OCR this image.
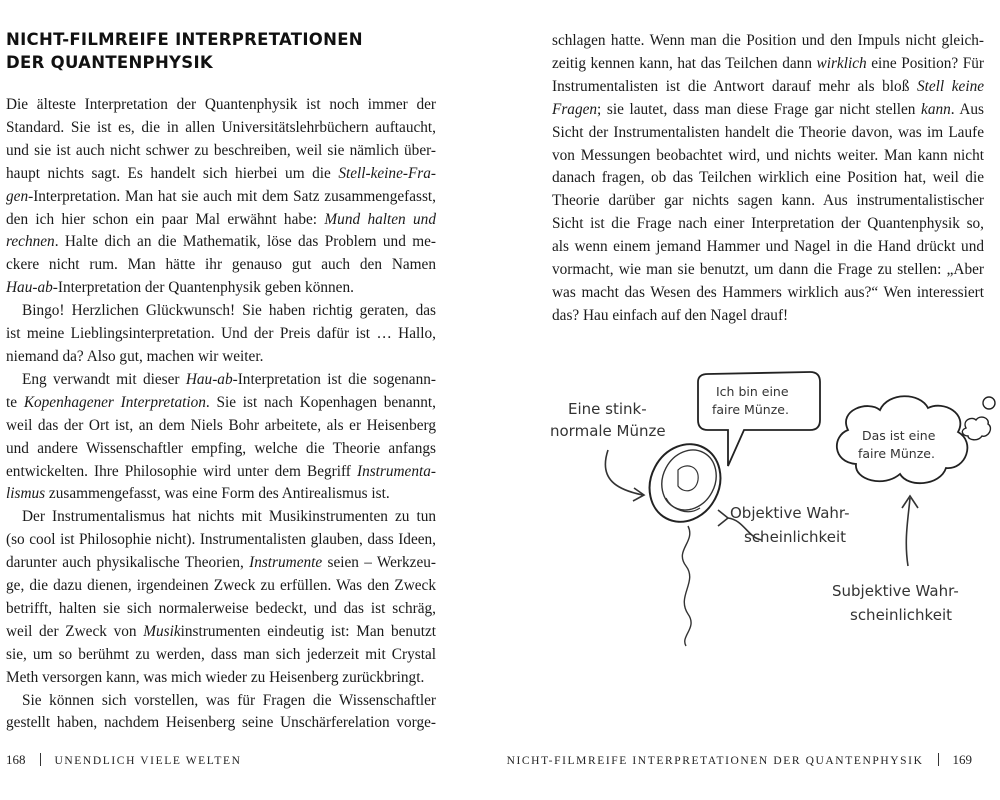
NICHT-FILMREIFE INTERPRETATIONEN
DER QUANTENPHYSIK
Die älteste Interpretation der Quantenphysik ist noch immer der
Standard. Sie ist es, die in allen Universitätslehrbüchern auftaucht,
und sie ist auch nicht schwer zu beschreiben, weil sie nämlich über-
haupt nichts sagt. Es handelt sich hierbei um die Stell-keine-Fra-
gen-Interpretation. Man hat sie auch mit dem Satz zusammengefasst,
den ich hier schon ein paar Mal erwähnt habe: Mund halten und
rechnen. Halte dich an die Mathematik, löse das Problem und me-
ckere nicht rum. Man hätte ihr genauso gut auch den Namen
Hau-ab-Interpretation der Quantenphysik geben können.
Bingo! Herzlichen Glückwunsch! Sie haben richtig geraten, das
ist meine Lieblingsinterpretation. Und der Preis dafür ist … Hallo,
niemand da? Also gut, machen wir weiter.
Eng verwandt mit dieser Hau-ab-Interpretation ist die sogenann-
te Kopenhagener Interpretation. Sie ist nach Kopenhagen benannt,
weil das der Ort ist, an dem Niels Bohr arbeitete, als er Heisenberg
und andere Wissenschaftler empfing, welche die Theorie anfangs
entwickelten. Ihre Philosophie wird unter dem Begriff Instrumenta-
lismus zusammengefasst, was eine Form des Antirealismus ist.
Der Instrumentalismus hat nichts mit Musikinstrumenten zu tun
(so cool ist Philosophie nicht). Instrumentalisten glauben, dass Ideen,
darunter auch physikalische Theorien, Instrumente seien – Werkzeu-
ge, die dazu dienen, irgendeinen Zweck zu erfüllen. Was den Zweck
betrifft, halten sie sich normalerweise bedeckt, und das ist schräg,
weil der Zweck von Musikinstrumenten eindeutig ist: Man benutzt
sie, um so berühmt zu werden, dass man sich jederzeit mit Crystal
Meth versorgen kann, was mich wieder zu Heisenberg zurückbringt.
Sie können sich vorstellen, was für Fragen die Wissenschaftler
gestellt haben, nachdem Heisenberg seine Unschärferelation vorge-
schlagen hatte. Wenn man die Position und den Impuls nicht gleich-
zeitig kennen kann, hat das Teilchen dann wirklich eine Position? Für
Instrumentalisten ist die Antwort darauf mehr als bloß Stell keine
Fragen; sie lautet, dass man diese Frage gar nicht stellen kann. Aus
Sicht der Instrumentalisten handelt die Theorie davon, was im Laufe
von Messungen beobachtet wird, und nichts weiter. Man kann nicht
danach fragen, ob das Teilchen wirklich eine Position hat, weil die
Theorie darüber gar nichts sagen kann. Aus instrumentalistischer
Sicht ist die Frage nach einer Interpretation der Quantenphysik so,
als wenn einem jemand Hammer und Nagel in die Hand drückt und
vormacht, wie man sie benutzt, um dann die Frage zu stellen: „Aber
was macht das Wesen des Hammers wirklich aus?“ Wen interessiert
das? Hau einfach auf den Nagel drauf!
Eine stink-
normale Münze
Ich bin eine
faire Münze.
Das ist eine
faire Münze.
Objektive Wahr-
scheinlichkeit
Subjektive Wahr-
scheinlichkeit
168	UNENDLICH VIELE WELTEN	NICHT-FILMREIFE INTERPRETATIONEN DER QUANTENPHYSIK 169
